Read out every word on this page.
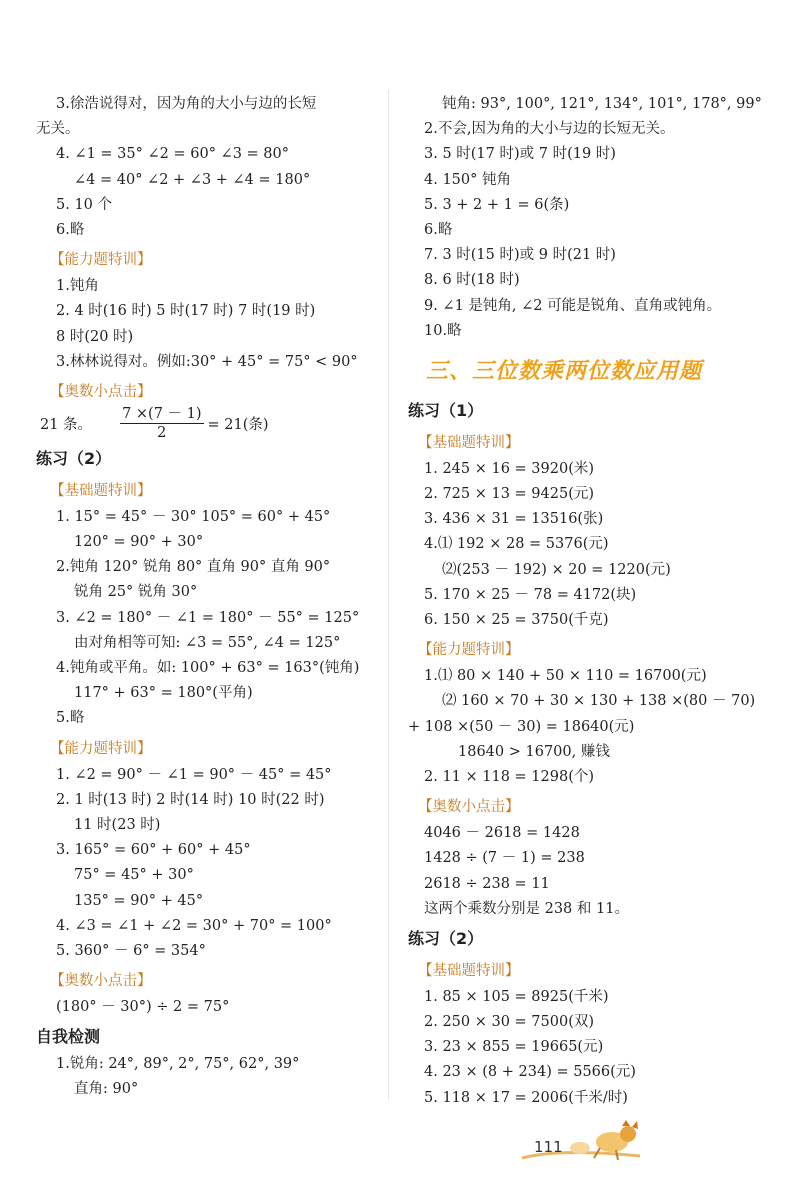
3.徐浩说得对，因为角的大小与边的长短
无关。
4. ∠1 = 35° ∠2 = 60° ∠3 = 80°
∠4 = 40° ∠2 + ∠3 + ∠4 = 180°
5. 10 个
6.略
【能力题特训】
1.钝角
2. 4 时(16 时) 5 时(17 时) 7 时(19 时)
8 时(20 时)
3.林林说得对。例如:30° + 45° = 75° < 90°
【奥数小点击】
21 条。 $\frac{7 \times(7 - 1)}{2} = 21$(条)
练习（2）
【基础题特训】
1. 15° = 45° － 30° 105° = 60° + 45°
120° = 90° + 30°
2.钝角 120° 锐角 80° 直角 90° 直角 90°
锐角 25° 锐角 30°
3. ∠2 = 180° － ∠1 = 180° － 55° = 125°
由对角相等可知: ∠3 = 55°, ∠4 = 125°
4.钝角或平角。如: 100° + 63° = 163°(钝角)
117° + 63° = 180°(平角)
5.略
【能力题特训】
1. ∠2 = 90° － ∠1 = 90° － 45° = 45°
2. 1 时(13 时) 2 时(14 时) 10 时(22 时)
11 时(23 时)
3. 165° = 60° + 60° + 45°
75° = 45° + 30°
135° = 90° + 45°
4. ∠3 = ∠1 + ∠2 = 30° + 70° = 100°
5. 360° － 6° = 354°
【奥数小点击】
(180° － 30°) ÷ 2 = 75°
自我检测
1.锐角: 24°, 89°, 2°, 75°, 62°, 39°
直角: 90°
钝角: 93°, 100°, 121°, 134°, 101°, 178°, 99°
2.不会,因为角的大小与边的长短无关。
3. 5 时(17 时)或 7 时(19 时)
4. 150° 钝角
5. 3 + 2 + 1 = 6(条)
6.略
7. 3 时(15 时)或 9 时(21 时)
8. 6 时(18 时)
9. ∠1 是钝角, ∠2 可能是锐角、直角或钝角。
10.略
三、三位数乘两位数应用题
练习（1）
【基础题特训】
1. 245 × 16 = 3920(米)
2. 725 × 13 = 9425(元)
3. 436 × 31 = 13516(张)
4.⑴ 192 × 28 = 5376(元)
⑵(253 － 192) × 20 = 1220(元)
5. 170 × 25 － 78 = 4172(块)
6. 150 × 25 = 3750(千克)
【能力题特训】
1.⑴ 80 × 140 + 50 × 110 = 16700(元)
⑵ 160 × 70 + 30 × 130 + 138 ×(80 － 70)
+ 108 ×(50 － 30) = 18640(元)
18640 > 16700, 赚钱
2. 11 × 118 = 1298(个)
【奥数小点击】
4046 － 2618 = 1428
1428 ÷ (7 － 1) = 238
2618 ÷ 238 = 11
这两个乘数分别是 238 和 11。
练习（2）
【基础题特训】
1. 85 × 105 = 8925(千米)
2. 250 × 30 = 7500(双)
3. 23 × 855 = 19665(元)
4. 23 × (8 + 234) = 5566(元)
5. 118 × 17 = 2006(千米/时)
111
